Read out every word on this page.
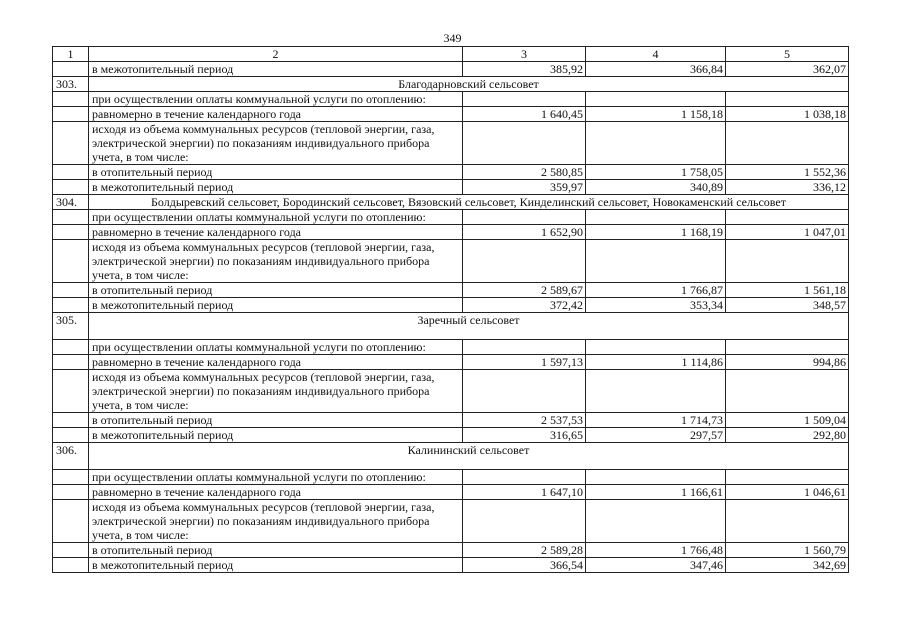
349
1	2	3	4	5
	в межотопительный период	385,92	366,84	362,07
303.	Благодарновский сельсовет			
	при осуществлении оплаты коммунальной услуги по отоплению:			
	равномерно в течение календарного года	1 640,45	1 158,18	1 038,18
	исходя из объема коммунальных ресурсов (тепловой энергии, газа, электрической энергии) по показаниям индивидуального прибора учета, в том числе:			
	в отопительный период	2 580,85	1 758,05	1 552,36
	в межотопительный период	359,97	340,89	336,12
304.	Болдыревский сельсовет, Бородинский сельсовет, Вязовский сельсовет, Кинделинский сельсовет, Новокаменский сельсовет			
	при осуществлении оплаты коммунальной услуги по отоплению:			
	равномерно в течение календарного года	1 652,90	1 168,19	1 047,01
	исходя из объема коммунальных ресурсов (тепловой энергии, газа, электрической энергии) по показаниям индивидуального прибора учета, в том числе:			
	в отопительный период	2 589,67	1 766,87	1 561,18
	в межотопительный период	372,42	353,34	348,57
305.	Заречный сельсовет			
	при осуществлении оплаты коммунальной услуги по отоплению:			
	равномерно в течение календарного года	1 597,13	1 114,86	994,86
	исходя из объема коммунальных ресурсов (тепловой энергии, газа, электрической энергии) по показаниям индивидуального прибора учета, в том числе:			
	в отопительный период	2 537,53	1 714,73	1 509,04
	в межотопительный период	316,65	297,57	292,80
306.	Калининский сельсовет			
	при осуществлении оплаты коммунальной услуги по отоплению:			
	равномерно в течение календарного года	1 647,10	1 166,61	1 046,61
	исходя из объема коммунальных ресурсов (тепловой энергии, газа, электрической энергии) по показаниям индивидуального прибора учета, в том числе:			
	в отопительный период	2 589,28	1 766,48	1 560,79
	в межотопительный период	366,54	347,46	342,69
